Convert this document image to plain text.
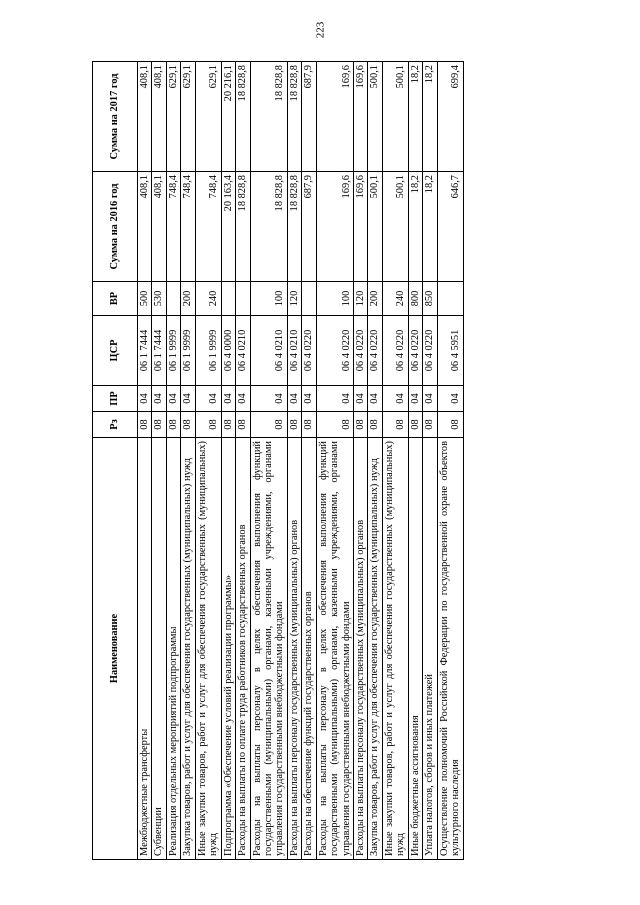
223
Наименование	Рз	ПР	ЦСР	ВР	Сумма на 2016 год	Сумма на 2017 год
Межбюджетные трансферты	08	04	06 1 7444	500	408,1	408,1
Субвенции	08	04	06 1 7444	530	408,1	408,1
Реализация отдельных мероприятий подпрограммы	08	04	06 1 9999		748,4	629,1
Закупка товаров, работ и услуг для обеспечения государственных (муниципальных) нужд	08	04	06 1 9999	200	748,4	629,1
Иные закупки товаров, работ и услуг для обеспечения государственных (муниципальных) нужд	08	04	06 1 9999	240	748,4	629,1
Подпрограмма «Обеспечение условий реализации программы»	08	04	06 4 0000		20 163,4	20 216,1
Расходы на выплаты по оплате труда работников государственных органов	08	04	06 4 0210		18 828,8	18 828,8
Расходы на выплаты персоналу в целях обеспечения выполнения функций государственными (муниципальными) органами, казенными учреждениями, органами управления государственными внебюджетными фондами	08	04	06 4 0210	100	18 828,8	18 828,8
Расходы на выплаты персоналу государственных (муниципальных) органов	08	04	06 4 0210	120	18 828,8	18 828,8
Расходы на обеспечение функций государственных органов	08	04	06 4 0220		687,9	687,9
Расходы на выплаты персоналу в целях обеспечения выполнения функций государственными (муниципальными) органами, казенными учреждениями, органами управления государственными внебюджетными фондами	08	04	06 4 0220	100	169,6	169,6
Расходы на выплаты персоналу государственных (муниципальных) органов	08	04	06 4 0220	120	169,6	169,6
Закупка товаров, работ и услуг для обеспечения государственных (муниципальных) нужд	08	04	06 4 0220	200	500,1	500,1
Иные закупки товаров, работ и услуг для обеспечения государственных (муниципальных) нужд	08	04	06 4 0220	240	500,1	500,1
Иные бюджетные ассигнования	08	04	06 4 0220	800	18,2	18,2
Уплата налогов, сборов и иных платежей	08	04	06 4 0220	850	18,2	18,2
Осуществление полномочий Российской Федерации по государственной охране объектов культурного наследия	08	04	06 4 5951		646,7	699,4
